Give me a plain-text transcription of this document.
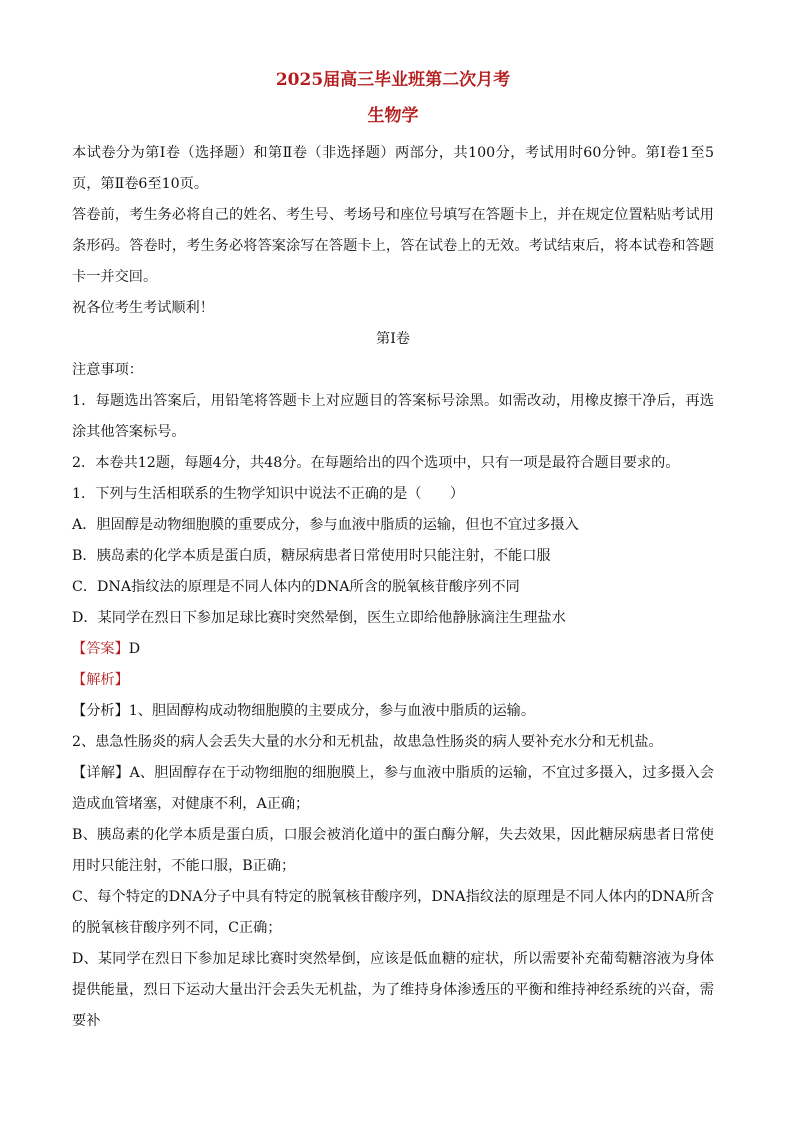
2025届高三毕业班第二次月考
生物学

本试卷分为第Ⅰ卷（选择题）和第Ⅱ卷（非选择题）两部分，共100分，考试用时60分钟。第Ⅰ卷1至5页，第Ⅱ卷6至10页。

答卷前，考生务必将自己的姓名、考生号、考场号和座位号填写在答题卡上，并在规定位置粘贴考试用条形码。答卷时，考生务必将答案涂写在答题卡上，答在试卷上的无效。考试结束后，将本试卷和答题卡一并交回。

祝各位考生考试顺利！

第Ⅰ卷

注意事项：

1．每题选出答案后，用铅笔将答题卡上对应题目的答案标号涂黑。如需改动，用橡皮擦干净后，再选涂其他答案标号。

2．本卷共12题，每题4分，共48分。在每题给出的四个选项中，只有一项是最符合题目要求的。

1．下列与生活相联系的生物学知识中说法不正确的是（　　）

A．胆固醇是动物细胞膜的重要成分，参与血液中脂质的运输，但也不宜过多摄入

B．胰岛素的化学本质是蛋白质，糖尿病患者日常使用时只能注射，不能口服

C．DNA指纹法的原理是不同人体内的DNA所含的脱氧核苷酸序列不同

D．某同学在烈日下参加足球比赛时突然晕倒，医生立即给他静脉滴注生理盐水

【答案】D

【解析】

【分析】1、胆固醇构成动物细胞膜的主要成分，参与血液中脂质的运输。

2、患急性肠炎的病人会丢失大量的水分和无机盐，故患急性肠炎的病人要补充水分和无机盐。

【详解】A、胆固醇存在于动物细胞的细胞膜上，参与血液中脂质的运输，不宜过多摄入，过多摄入会造成血管堵塞，对健康不利，A正确；

B、胰岛素的化学本质是蛋白质，口服会被消化道中的蛋白酶分解，失去效果，因此糖尿病患者日常使用时只能注射，不能口服，B正确；

C、每个特定的DNA分子中具有特定的脱氧核苷酸序列，DNA指纹法的原理是不同人体内的DNA所含的脱氧核苷酸序列不同，C正确；

D、某同学在烈日下参加足球比赛时突然晕倒，应该是低血糖的症状，所以需要补充葡萄糖溶液为身体提供能量，烈日下运动大量出汗会丢失无机盐，为了维持身体渗透压的平衡和维持神经系统的兴奋，需要补
